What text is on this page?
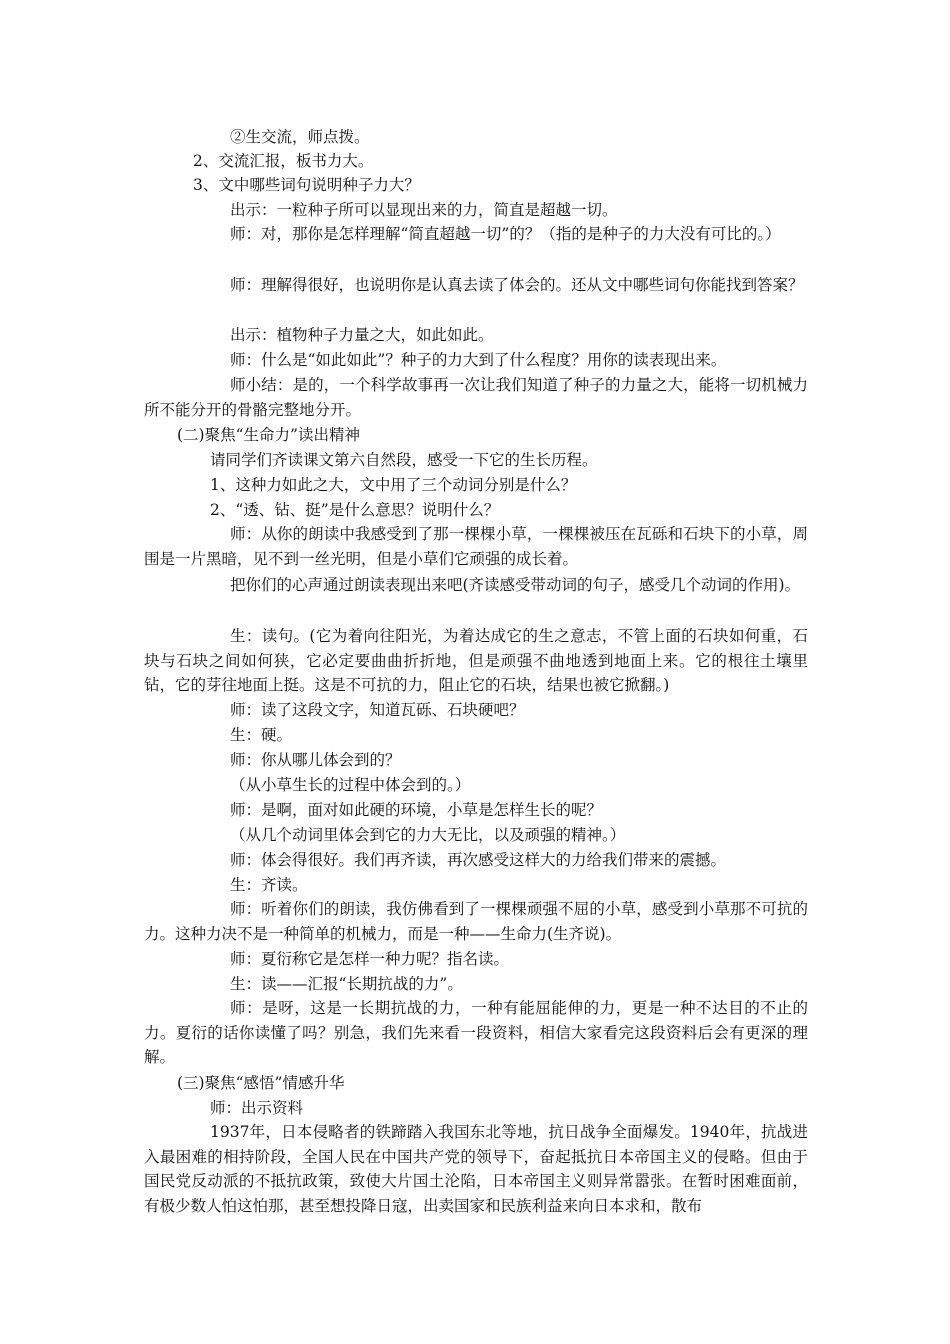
②生交流，师点拨。
2、交流汇报，板书力大。
3、文中哪些词句说明种子力大？
出示：一粒种子所可以显现出来的力，简直是超越一切。
师：对，那你是怎样理解“简直超越一切”的？（指的是种子的力大没有可比的。）
师：理解得很好，也说明你是认真去读了体会的。还从文中哪些词句你能找到答案？
出示：植物种子力量之大，如此如此。
师：什么是“如此如此”？种子的力大到了什么程度？用你的读表现出来。
师小结：是的，一个科学故事再一次让我们知道了种子的力量之大，能将一切机械力所不能分开的骨骼完整地分开。
(二)聚焦“生命力”读出精神
请同学们齐读课文第六自然段，感受一下它的生长历程。
1、这种力如此之大，文中用了三个动词分别是什么？
2、“透、钻、挺”是什么意思？说明什么？
师：从你的朗读中我感受到了那一棵棵小草，一棵棵被压在瓦砾和石块下的小草，周围是一片黑暗，见不到一丝光明，但是小草们它顽强的成长着。
把你们的心声通过朗读表现出来吧(齐读感受带动词的句子，感受几个动词的作用)。
生：读句。(它为着向往阳光，为着达成它的生之意志，不管上面的石块如何重，石块与石块之间如何狭，它必定要曲曲折折地，但是顽强不曲地透到地面上来。它的根往土壤里钻，它的芽往地面上挺。这是不可抗的力，阻止它的石块，结果也被它掀翻。)
师：读了这段文字，知道瓦砾、石块硬吧？
生：硬。
师：你从哪儿体会到的？
（从小草生长的过程中体会到的。）
师：是啊，面对如此硬的环境，小草是怎样生长的呢？
（从几个动词里体会到它的力大无比，以及顽强的精神。）
师：体会得很好。我们再齐读，再次感受这样大的力给我们带来的震撼。
生：齐读。
师：听着你们的朗读，我仿佛看到了一棵棵顽强不屈的小草，感受到小草那不可抗的力。这种力决不是一种简单的机械力，而是一种——生命力(生齐说)。
师：夏衍称它是怎样一种力呢？指名读。
生：读——汇报“长期抗战的力”。
师：是呀，这是一长期抗战的力，一种有能屈能伸的力，更是一种不达目的不止的力。夏衍的话你读懂了吗？别急，我们先来看一段资料，相信大家看完这段资料后会有更深的理解。
(三)聚焦“感悟”情感升华
师：出示资料
1937年，日本侵略者的铁蹄踏入我国东北等地，抗日战争全面爆发。1940年，抗战进入最困难的相持阶段，全国人民在中国共产党的领导下，奋起抵抗日本帝国主义的侵略。但由于国民党反动派的不抵抗政策，致使大片国土沦陷，日本帝国主义则异常嚣张。在暂时困难面前，有极少数人怕这怕那，甚至想投降日寇，出卖国家和民族利益来向日本求和，散布
